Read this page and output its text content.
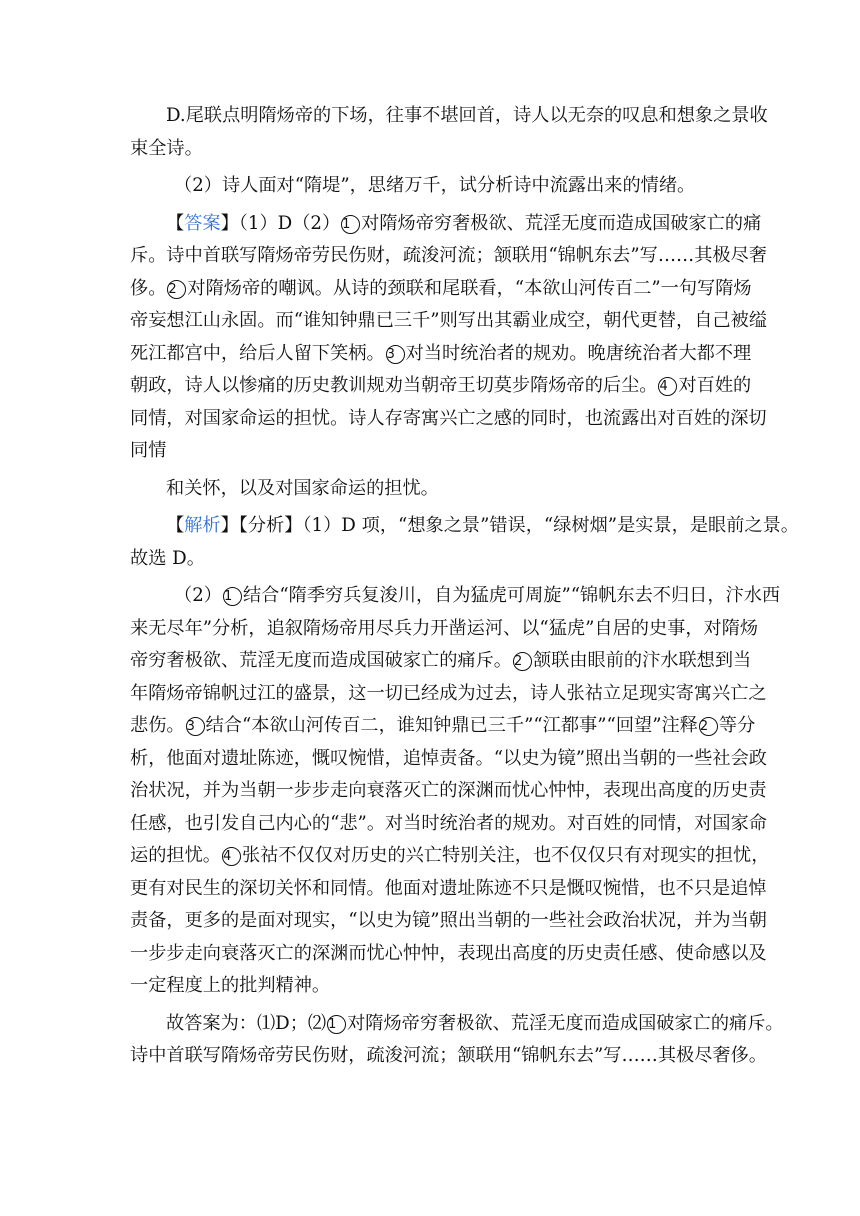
D.尾联点明隋炀帝的下场，往事不堪回首，诗人以无奈的叹息和想象之景收
束全诗。
（2）诗人面对“隋堤”，思绪万千，试分析诗中流露出来的情绪。
【答案】（1）D（2） 1 对隋炀帝穷奢极欲、荒淫无度而造成国破家亡的痛
斥。诗中首联写隋炀帝劳民伤财，疏浚河流；颔联用“锦帆东去”写……其极尽奢
侈。 2 对隋炀帝的嘲讽。从诗的颈联和尾联看，“本欲山河传百二”一句写隋炀
帝妄想江山永固。而“谁知钟鼎已三千”则写出其霸业成空，朝代更替，自己被缢
死江都宫中，给后人留下笑柄。 3 对当时统治者的规劝。晚唐统治者大都不理
朝政，诗人以惨痛的历史教训规劝当朝帝王切莫步隋炀帝的后尘。 4 对百姓的
同情，对国家命运的担忧。诗人存寄寓兴亡之感的同时，也流露出对百姓的深切
同情
和关怀，以及对国家命运的担忧。
【解析】【分析】（1）D 项，“想象之景”错误，“绿树烟”是实景，是眼前之景。
故选 D。
（2） 1 结合“隋季穷兵复浚川，自为猛虎可周旋”“锦帆东去不归日，汴水西
来无尽年”分析，追叙隋炀帝用尽兵力开凿运河、以“猛虎”自居的史事，对隋炀
帝穷奢极欲、荒淫无度而造成国破家亡的痛斥。 2 颔联由眼前的汴水联想到当
年隋炀帝锦帆过江的盛景，这一切已经成为过去，诗人张祜立足现实寄寓兴亡之
悲伤。 3 结合“本欲山河传百二，谁知钟鼎已三千”“江都事”“回望”注释 2 等分
析，他面对遗址陈迹，慨叹惋惜，追悼责备。“以史为镜”照出当朝的一些社会政
治状况，并为当朝一步步走向衰落灭亡的深渊而忧心忡忡，表现出高度的历史责
任感，也引发自己内心的“悲”。对当时统治者的规劝。对百姓的同情，对国家命
运的担忧。 4 张祜不仅仅对历史的兴亡特别关注，也不仅仅只有对现实的担忧，
更有对民生的深切关怀和同情。他面对遗址陈迹不只是慨叹惋惜，也不只是追悼
责备，更多的是面对现实，“以史为镜”照出当朝的一些社会政治状况，并为当朝
一步步走向衰落灭亡的深渊而忧心忡忡，表现出高度的历史责任感、使命感以及
一定程度上的批判精神。
故答案为：⑴D；⑵ 1 对隋炀帝穷奢极欲、荒淫无度而造成国破家亡的痛斥。
诗中首联写隋炀帝劳民伤财，疏浚河流；颔联用“锦帆东去”写……其极尽奢侈。
